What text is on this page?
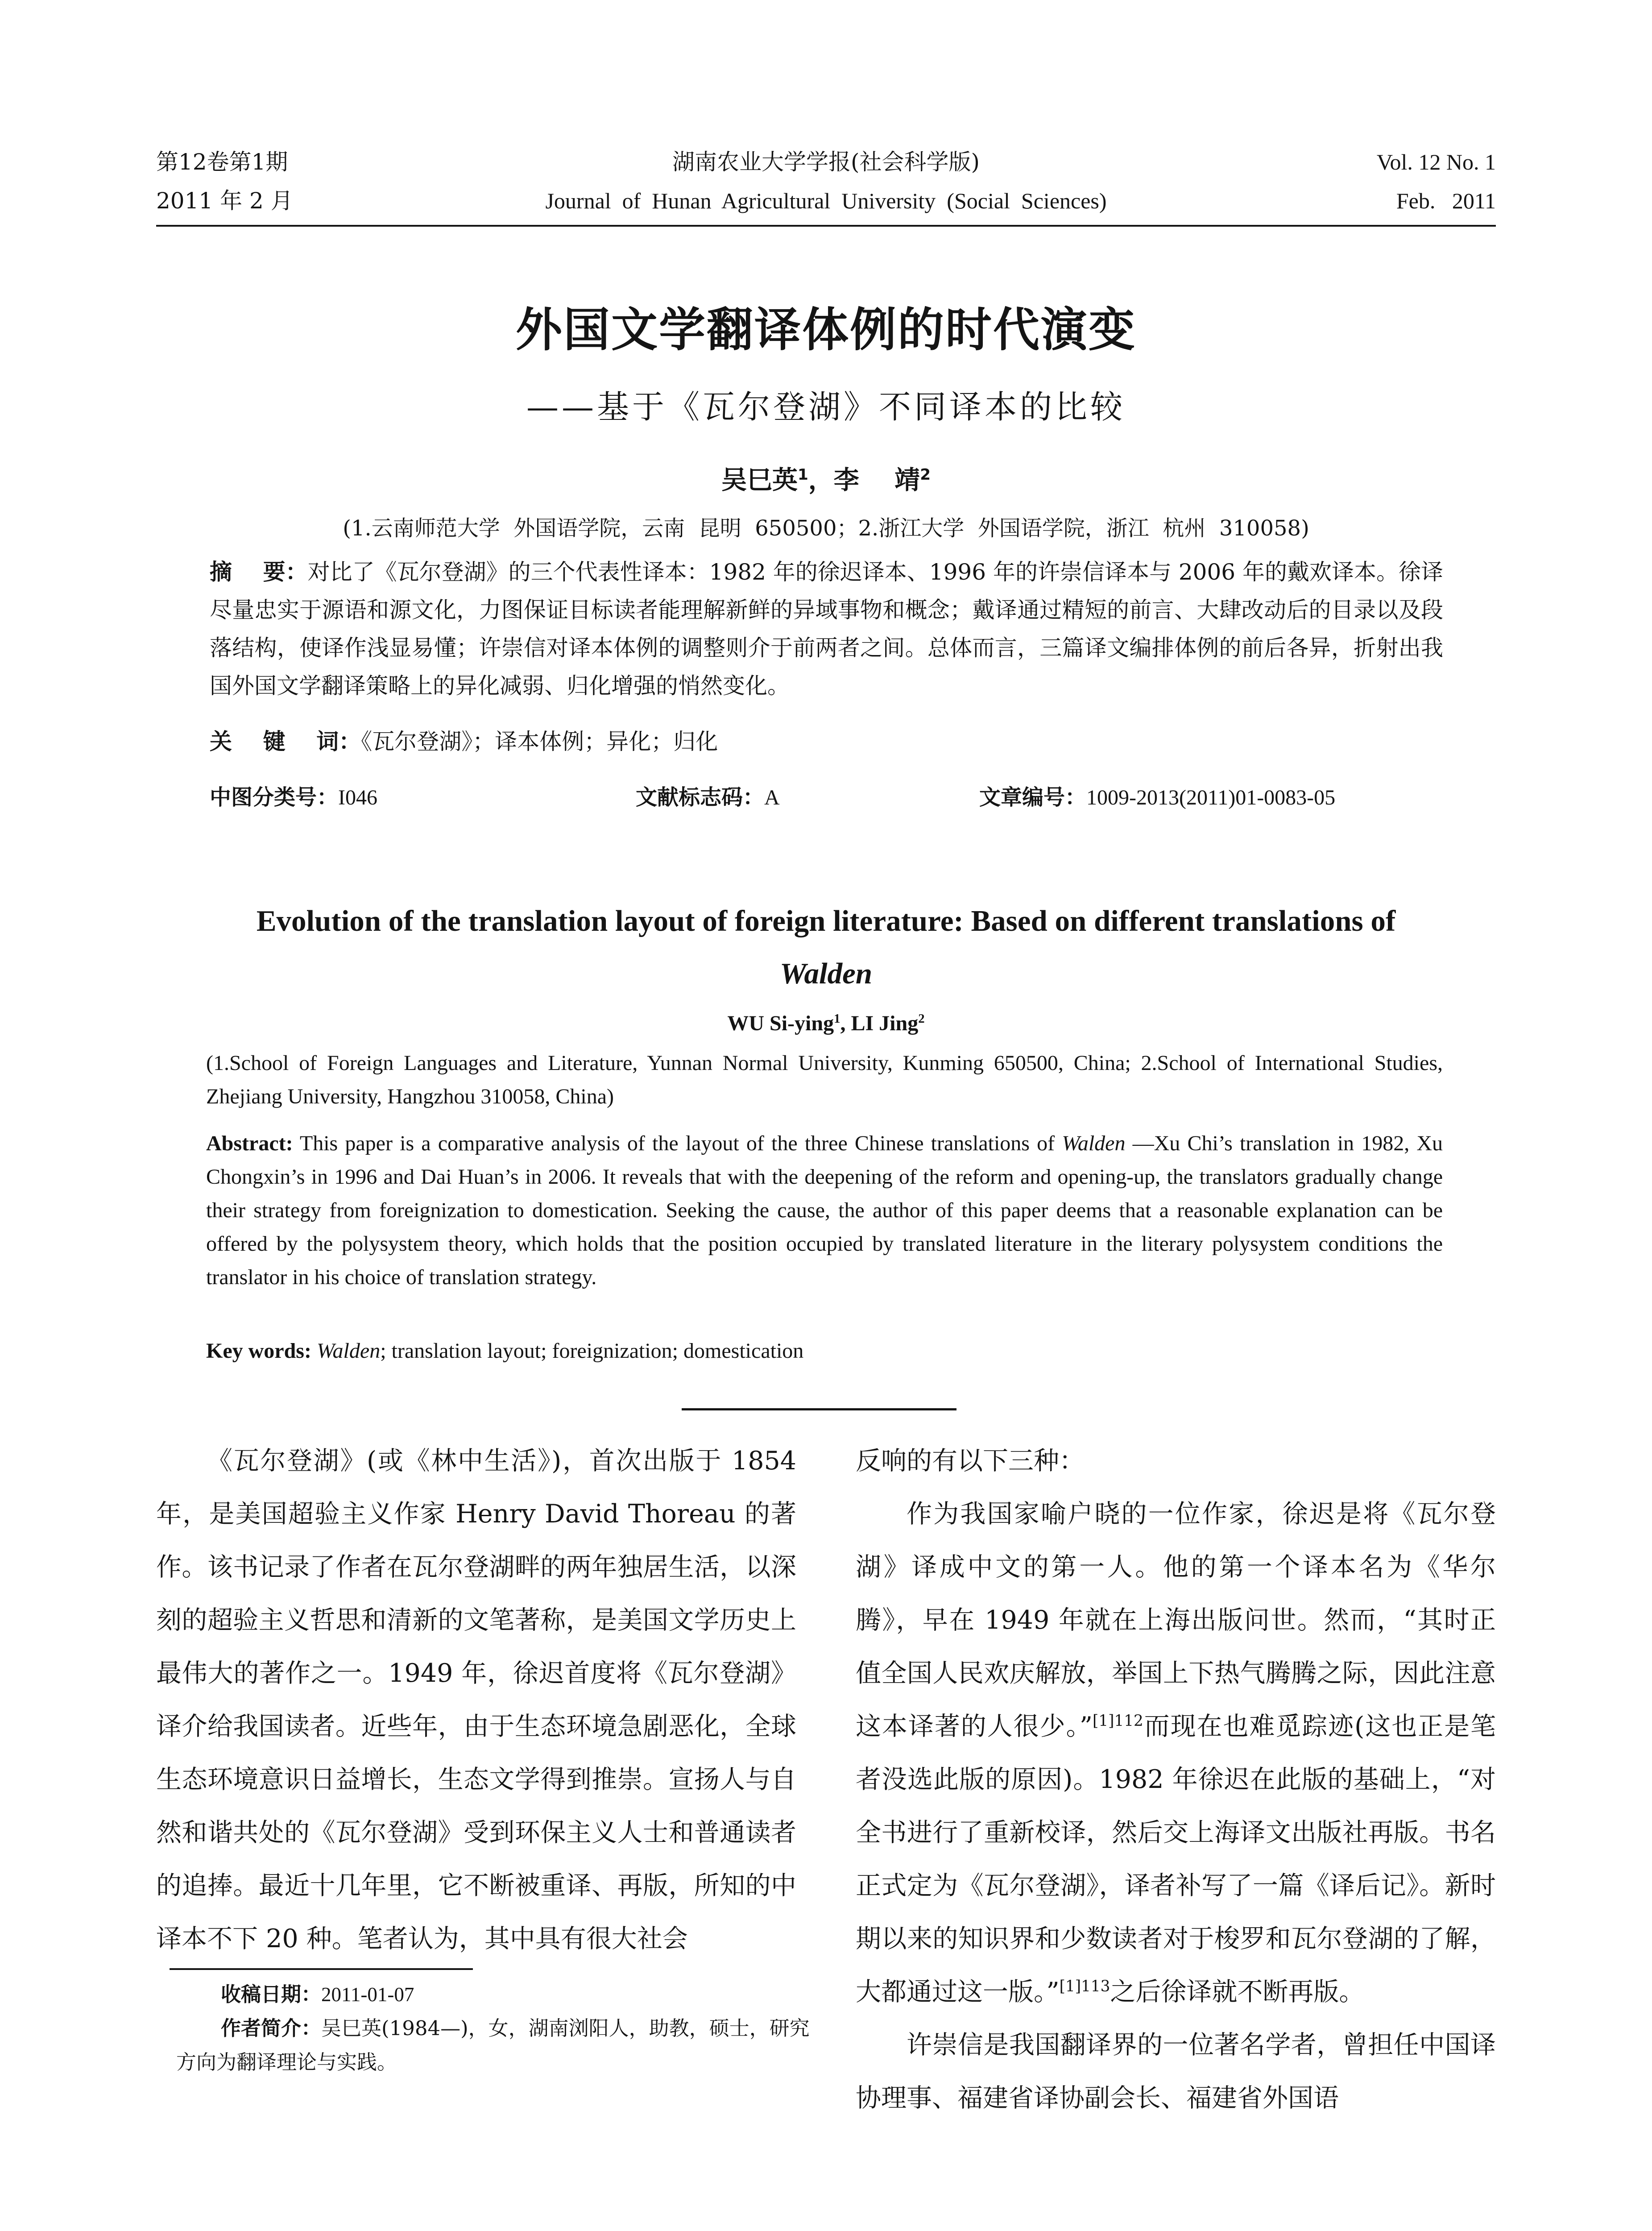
第12卷第1期
2011 年 2 月
湖南农业大学学报(社会科学版)
Journal  of  Hunan  Agricultural  University  (Social  Sciences)
Vol. 12 No. 1
Feb.   2011
外国文学翻译体例的时代演变
——基于《瓦尔登湖》不同译本的比较
吴巳英$^1$，李    靖$^2$
(1.云南师范大学  外国语学院，云南  昆明  650500；2.浙江大学  外国语学院，浙江  杭州  310058)
摘    要：对比了《瓦尔登湖》的三个代表性译本：1982 年的徐迟译本、1996 年的许崇信译本与 2006 年的戴欢译本。徐译尽量忠实于源语和源文化，力图保证目标读者能理解新鲜的异域事物和概念；戴译通过精短的前言、大肆改动后的目录以及段落结构，使译作浅显易懂；许崇信对译本体例的调整则介于前两者之间。总体而言，三篇译文编排体例的前后各异，折射出我国外国文学翻译策略上的异化减弱、归化增强的悄然变化。
关    键    词：《瓦尔登湖》；译本体例；异化；归化
中图分类号：I046	文献标志码：A	文章编号：1009-2013(2011)01-0083-05
Evolution of the translation layout of foreign literature: Based on different translations of
Walden
WU Si-ying$^1$, LI Jing$^2$
(1.School of Foreign Languages and Literature, Yunnan Normal University, Kunming 650500, China; 2.School of International Studies, Zhejiang University, Hangzhou 310058, China)
Abstract: This paper is a comparative analysis of the layout of the three Chinese translations of Walden —Xu Chi’s translation in 1982, Xu Chongxin’s in 1996 and Dai Huan’s in 2006. It reveals that with the deepening of the reform and opening-up, the translators gradually change their strategy from foreignization to domestication. Seeking the cause, the author of this paper deems that a reasonable explanation can be offered by the polysystem theory, which holds that the position occupied by translated literature in the literary polysystem conditions the translator in his choice of translation strategy.
Key words: Walden; translation layout; foreignization; domestication

《瓦尔登湖》(或《林中生活》)，首次出版于 1854 年，是美国超验主义作家 Henry David Thoreau 的著作。该书记录了作者在瓦尔登湖畔的两年独居生活，以深刻的超验主义哲思和清新的文笔著称，是美国文学历史上最伟大的著作之一。1949 年，徐迟首度将《瓦尔登湖》译介给我国读者。近些年，由于生态环境急剧恶化，全球生态环境意识日益增长，生态文学得到推崇。宣扬人与自然和谐共处的《瓦尔登湖》受到环保主义人士和普通读者的追捧。最近十几年里，它不断被重译、再版，所知的中译本不下 20 种。笔者认为，其中具有很大社会

反响的有以下三种：

作为我国家喻户晓的一位作家，徐迟是将《瓦尔登湖》译成中文的第一人。他的第一个译本名为《华尔腾》，早在 1949 年就在上海出版问世。然而，“其时正值全国人民欢庆解放，举国上下热气腾腾之际，因此注意这本译著的人很少。”$^{[1]112}$而现在也难觅踪迹(这也正是笔者没选此版的原因)。1982 年徐迟在此版的基础上，“对全书进行了重新校译，然后交上海译文出版社再版。书名正式定为《瓦尔登湖》，译者补写了一篇《译后记》。新时期以来的知识界和少数读者对于梭罗和瓦尔登湖的了解，大都通过这一版。”$^{[1]113}$之后徐译就不断再版。

许崇信是我国翻译界的一位著名学者，曾担任中国译协理事、福建省译协副会长、福建省外国语

收稿日期：2011-01-07

作者简介：吴巳英(1984—)，女，湖南浏阳人，助教，硕士，研究方向为翻译理论与实践。
